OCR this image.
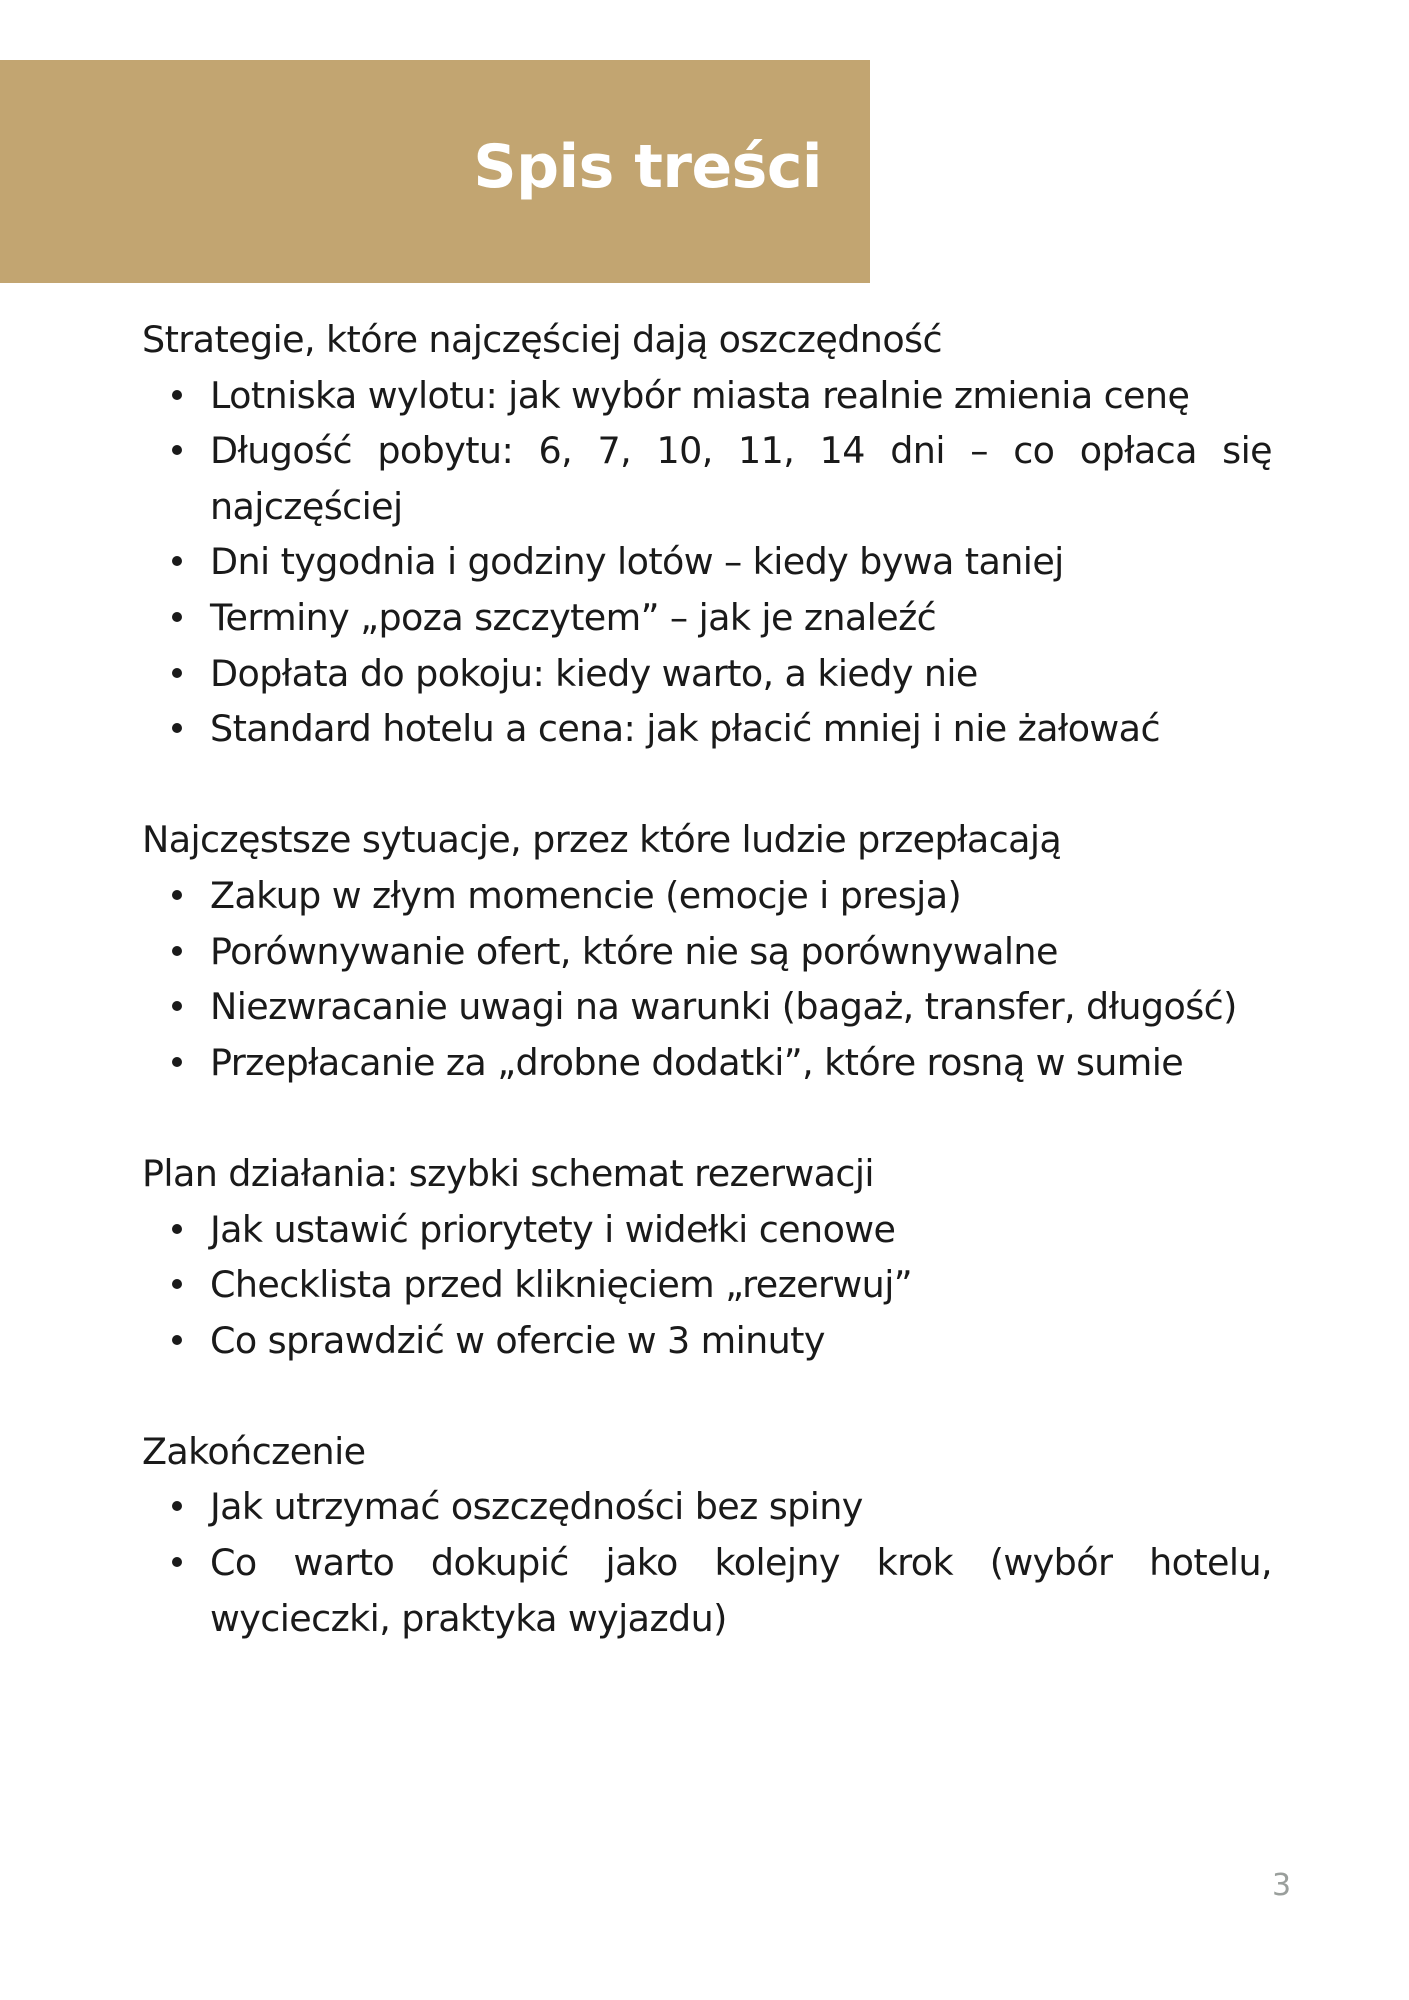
Spis treści
Strategie, które najczęściej dają oszczędność
Lotniska wylotu: jak wybór miasta realnie zmienia cenę
Długość pobytu: 6, 7, 10, 11, 14 dni – co opłaca się najczęściej
Dni tygodnia i godziny lotów – kiedy bywa taniej
Terminy „poza szczytem” – jak je znaleźć
Dopłata do pokoju: kiedy warto, a kiedy nie
Standard hotelu a cena: jak płacić mniej i nie żałować
Najczęstsze sytuacje, przez które ludzie przepłacają
Zakup w złym momencie (emocje i presja)
Porównywanie ofert, które nie są porównywalne
Niezwracanie uwagi na warunki (bagaż, transfer, długość)
Przepłacanie za „drobne dodatki”, które rosną w sumie
Plan działania: szybki schemat rezerwacji
Jak ustawić priorytety i widełki cenowe
Checklista przed kliknięciem „rezerwuj”
Co sprawdzić w ofercie w 3 minuty
Zakończenie
Jak utrzymać oszczędności bez spiny
Co warto dokupić jako kolejny krok (wybór hotelu, wycieczki, praktyka wyjazdu)
3
